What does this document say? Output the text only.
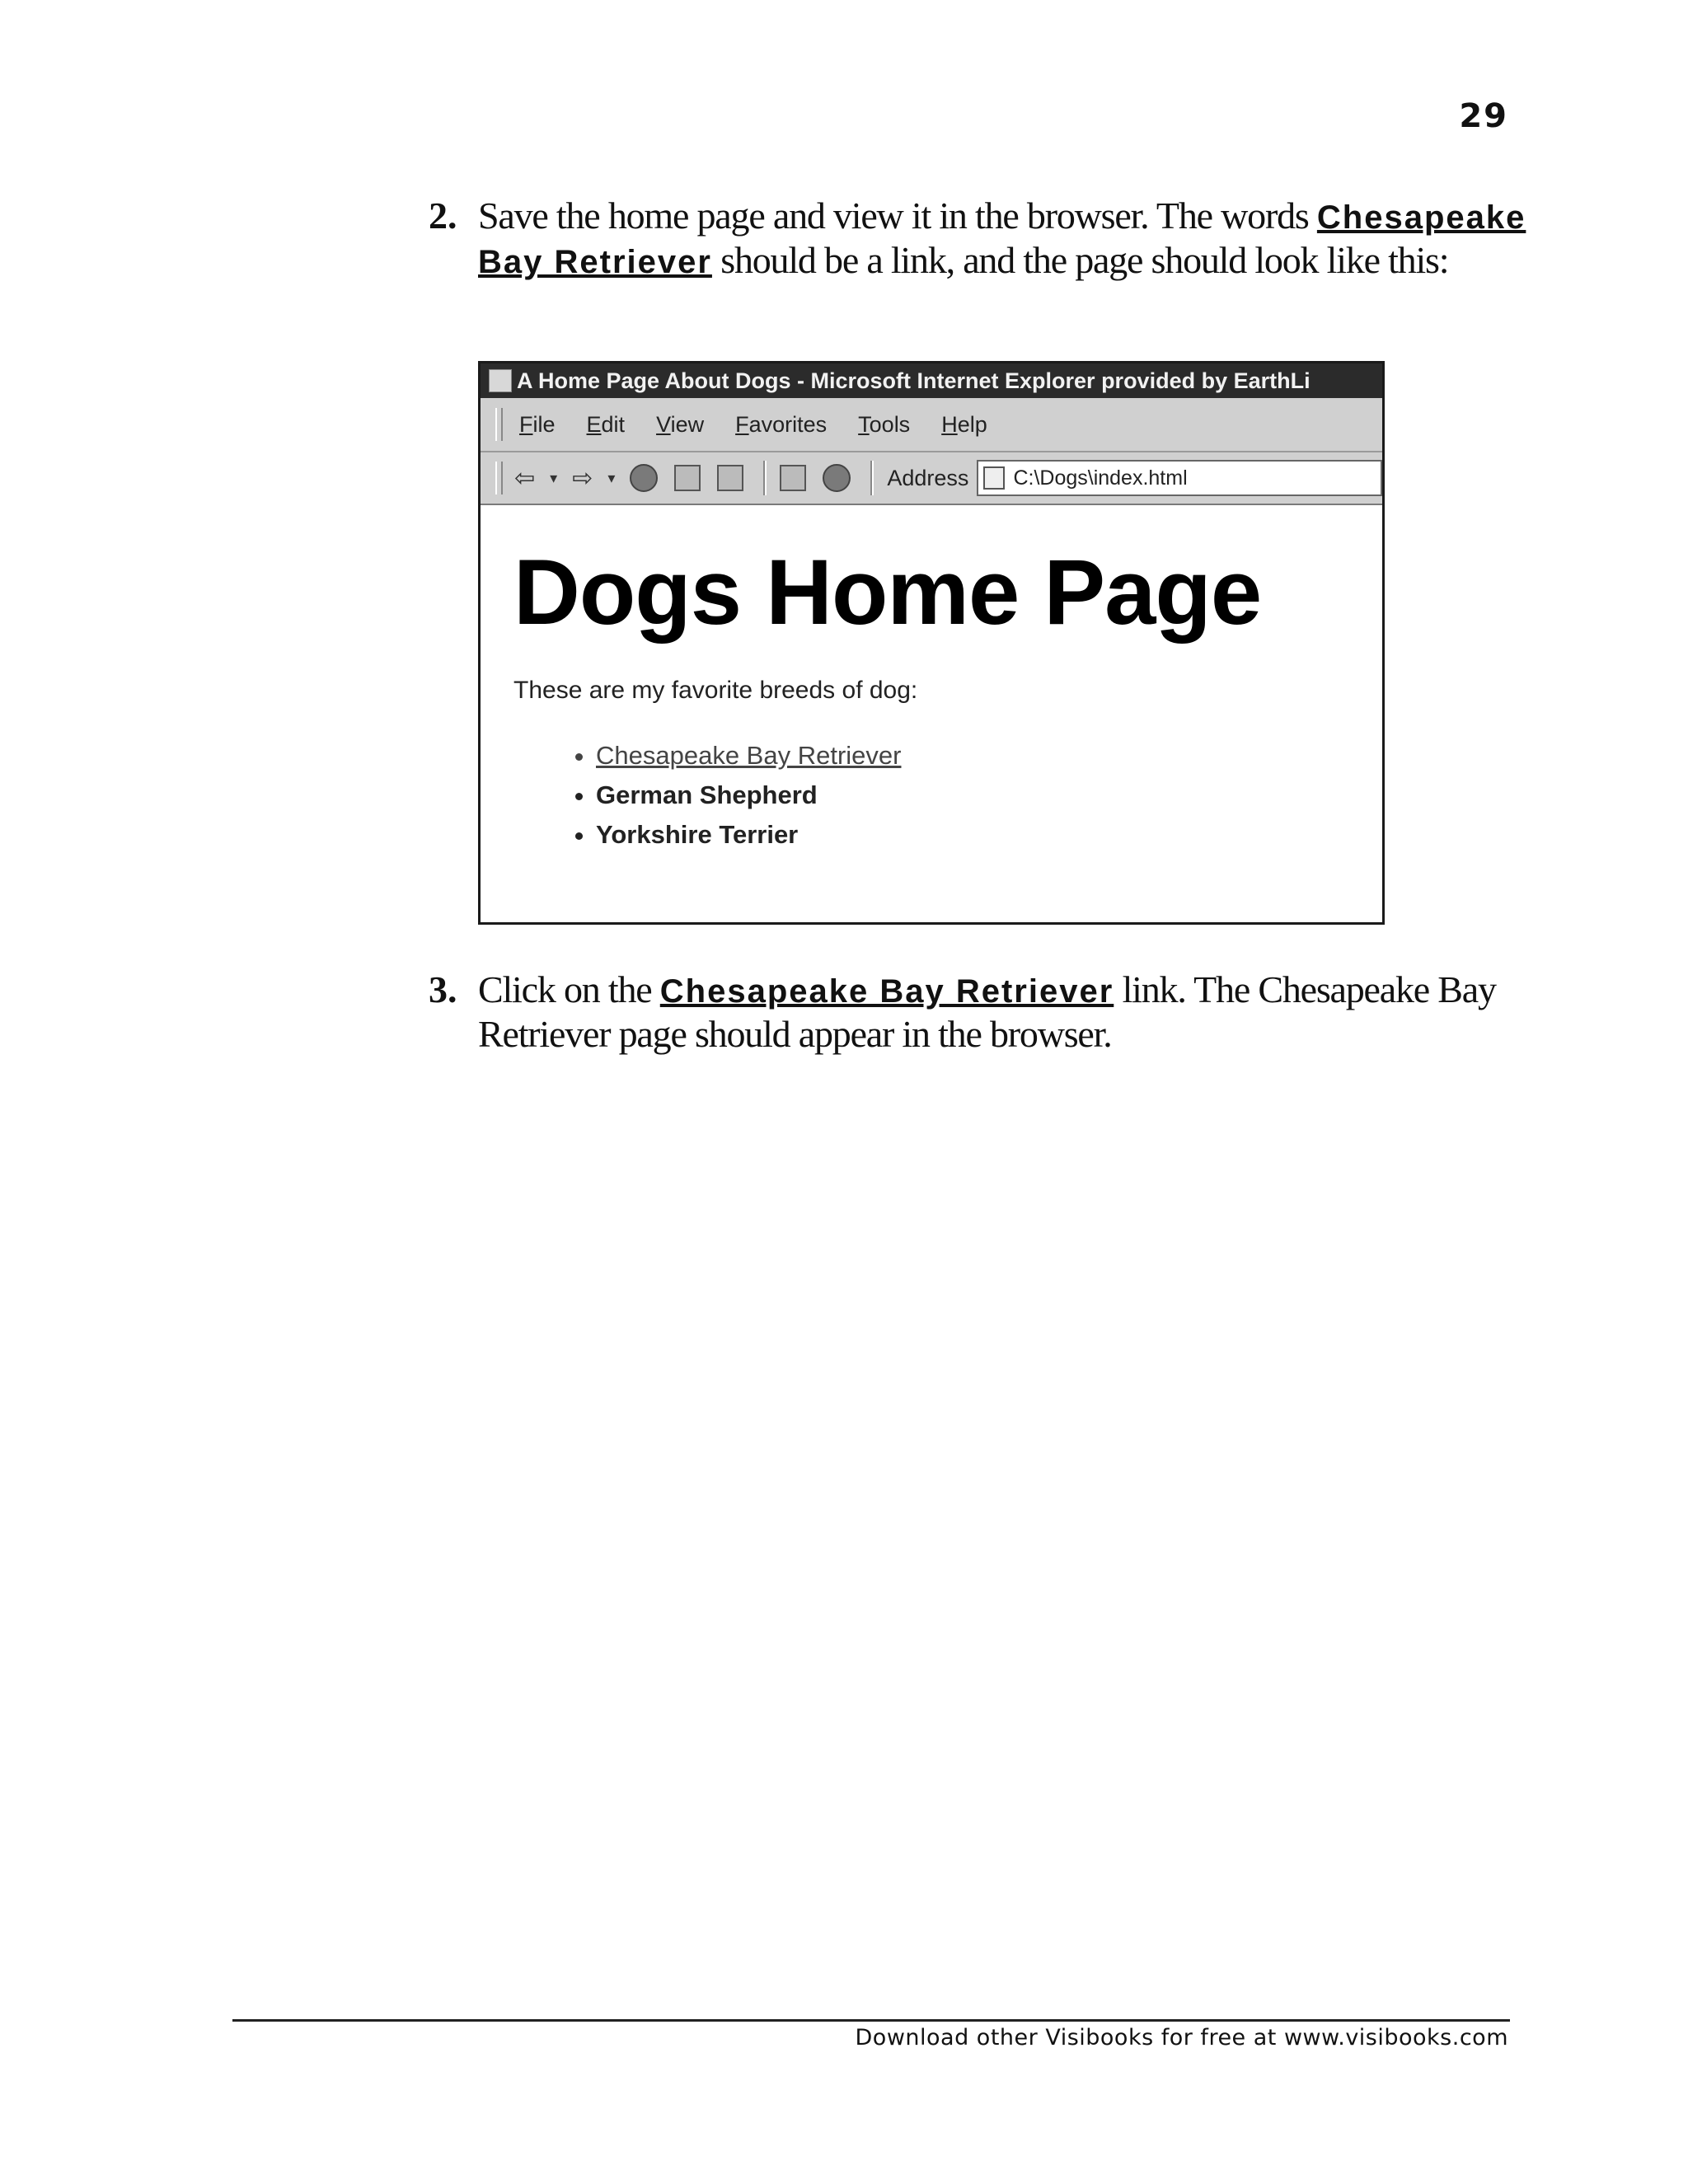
29
2. Save the home page and view it in the browser. The words Chesapeake Bay Retriever should be a link, and the page should look like this:
A Home Page About Dogs - Microsoft Internet Explorer provided by EarthLi
File Edit View Favorites Tools Help
⇦ ▾ ⇨ ▾	Address C:\Dogs\index.html
Dogs Home Page
These are my favorite breeds of dog:
• Chesapeake Bay Retriever
• German Shepherd
• Yorkshire Terrier
3. Click on the Chesapeake Bay Retriever link. The Chesapeake Bay Retriever page should appear in the browser.
Download other Visibooks for free at www.visibooks.com
